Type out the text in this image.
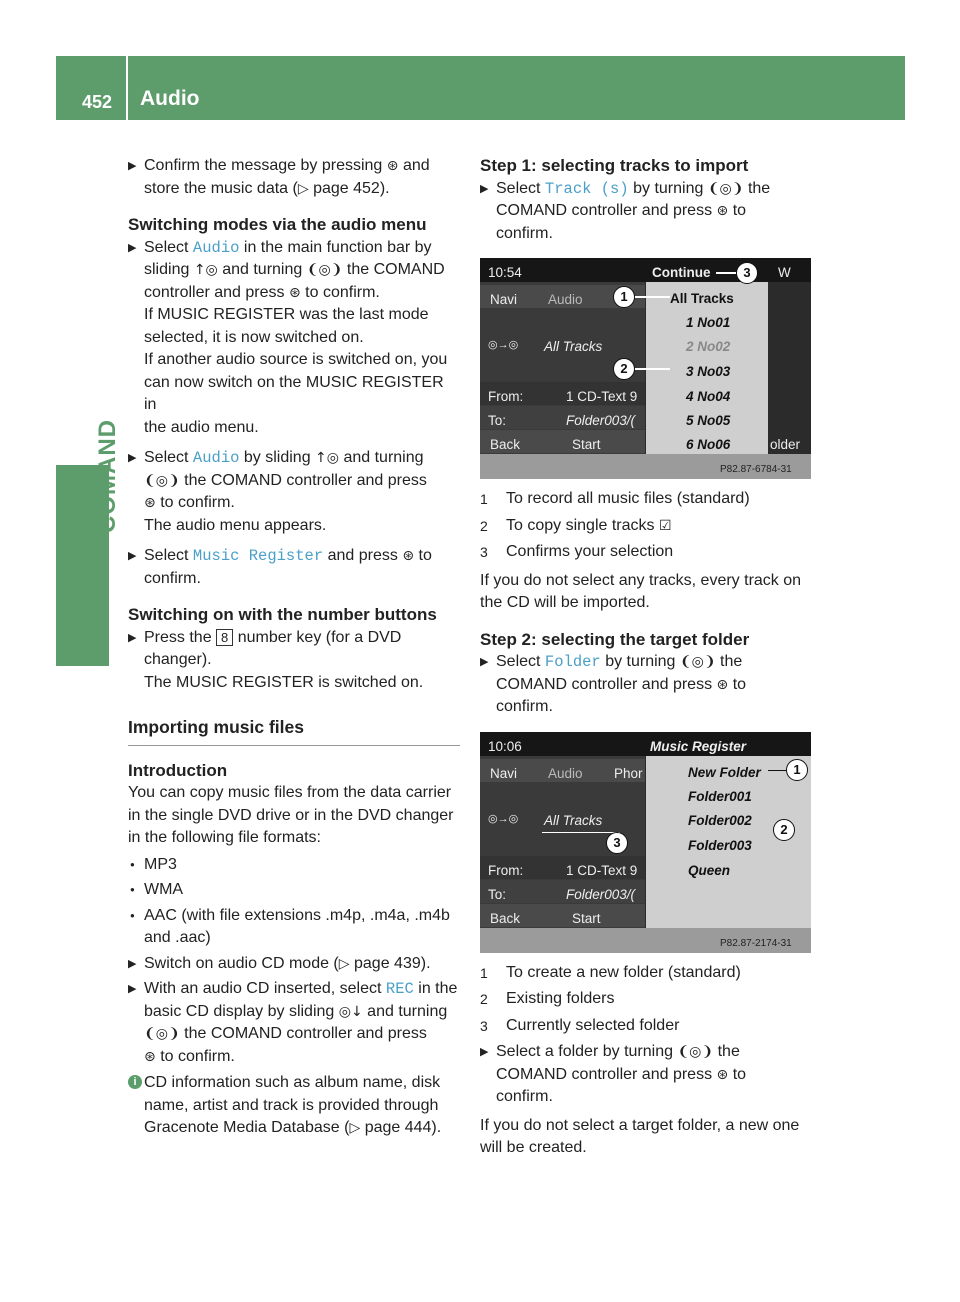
452 Audio
COMAND

▶ Confirm the message by pressing ⊛ and
store the music data (▷ page 452).

Switching modes via the audio menu

▶ Select Audio in the main function bar by
sliding ↑◎ and turning ❨◎❩ the COMAND
controller and press ⊛ to confirm.
If MUSIC REGISTER was the last mode
selected, it is now switched on.
If another audio source is switched on, you
can now switch on the MUSIC REGISTER in
the audio menu.

▶ Select Audio by sliding ↑◎ and turning
❨◎❩ the COMAND controller and press
⊛ to confirm.
The audio menu appears.

▶ Select Music Register and press ⊛ to
confirm.

Switching on with the number buttons

▶ Press the 8 number key (for a DVD
changer).
The MUSIC REGISTER is switched on.

Importing music files

Introduction

You can copy music files from the data carrier
in the single DVD drive or in the DVD changer
in the following file formats:

● MP3

● WMA

● AAC (with file extensions .m4p, .m4a, .m4b
and .aac)

▶ Switch on audio CD mode (▷ page 439).

▶ With an audio CD inserted, select REC in the
basic CD display by sliding ◎↓ and turning
❨◎❩ the COMAND controller and press
⊛ to confirm.

i CD information such as album name, disk
name, artist and track is provided through
Gracenote Media Database (▷ page 444).

Step 1: selecting tracks to import

▶ Select Track (s) by turning ❨◎❩ the
COMAND controller and press ⊛ to
confirm.

10:54	Continue	W
Navi Audio
◎→◎ All Tracks
From:	1 CD-Text 9
To:	Folder003/(
Back	Start
All Tracks
1 No01
2 No02
3 No03
4 No04
5 No05
6 No06	older
P82.87-6784-31
1
2
3

1 To record all music files (standard)

2 To copy single tracks ☑

3 Confirms your selection

If you do not select any tracks, every track on
the CD will be imported.

Step 2: selecting the target folder

▶ Select Folder by turning ❨◎❩ the
COMAND controller and press ⊛ to
confirm.

10:06	Music Register
Navi Audio Phor
◎→◎ All Tracks
From:	1 CD-Text 9
To:	Folder003/(
Back	Start
New Folder
Folder001
Folder002
Folder003
Queen
P82.87-2174-31
1
2
3

1 To create a new folder (standard)

2 Existing folders

3 Currently selected folder

▶ Select a folder by turning ❨◎❩ the
COMAND controller and press ⊛ to
confirm.

If you do not select a target folder, a new one
will be created.
